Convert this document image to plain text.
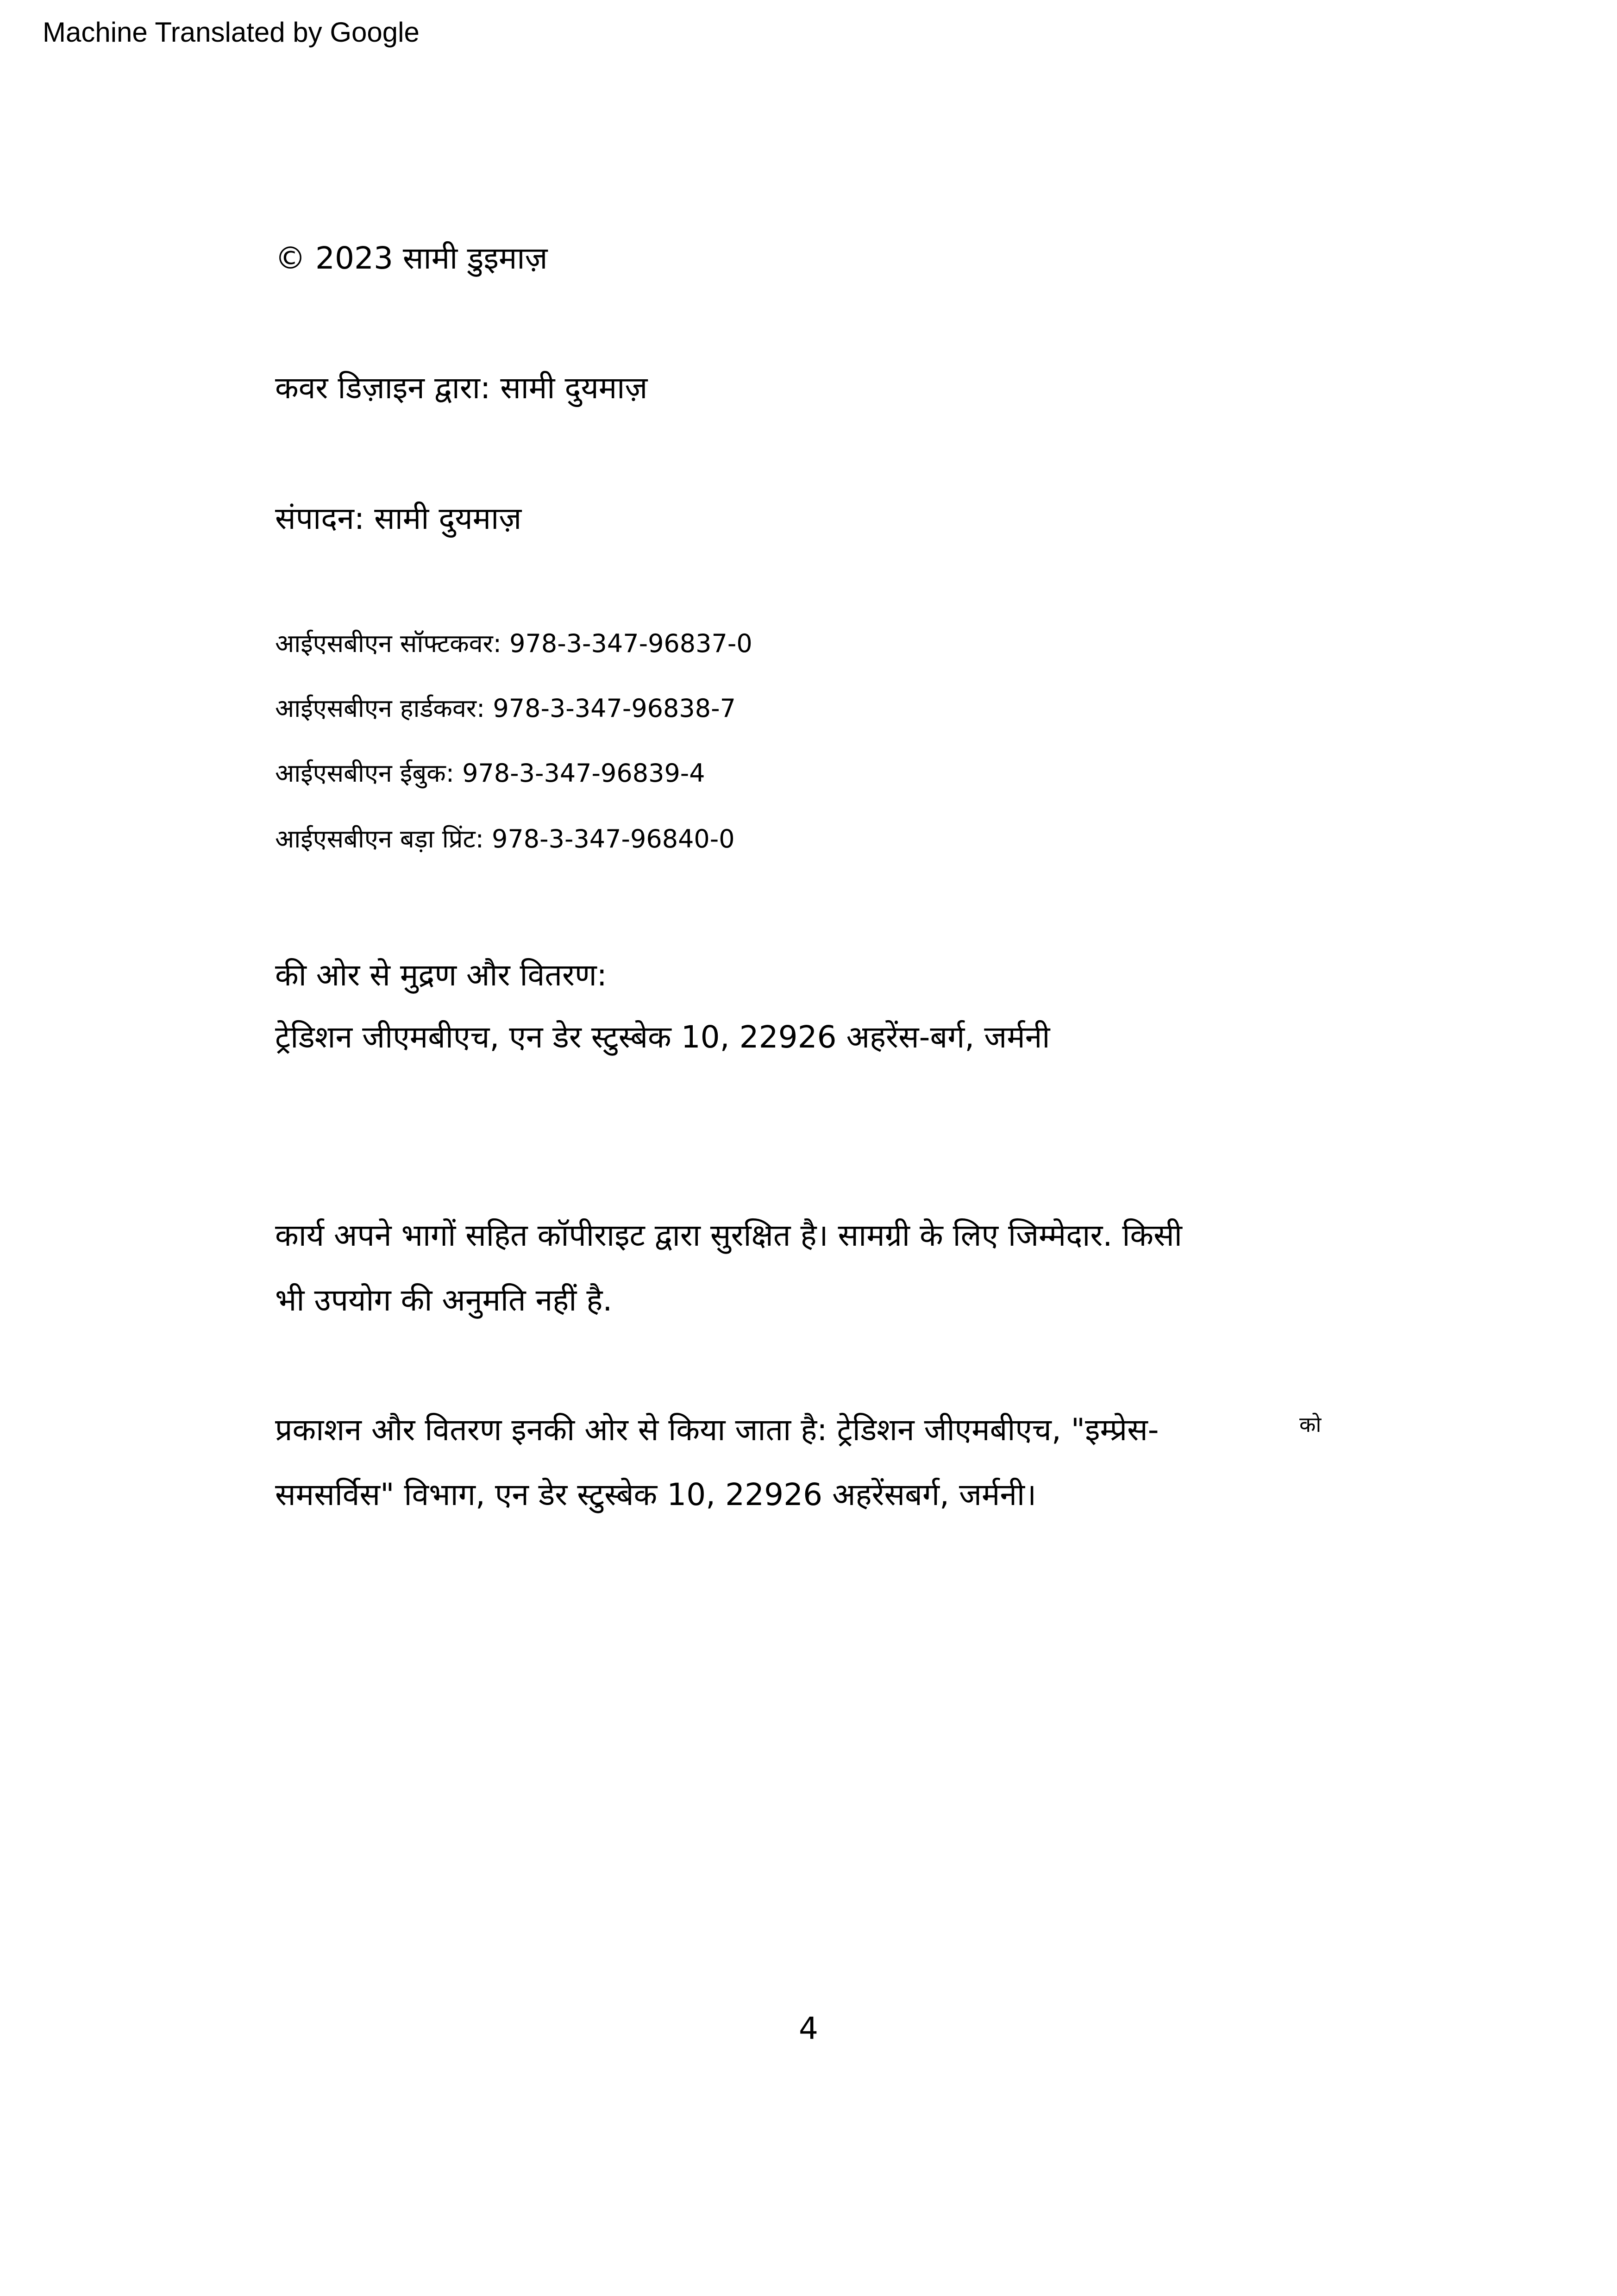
Machine Translated by Google
© 2023 सामी डुइमाज़
कवर डिज़ाइन द्वारा: सामी दुयमाज़
संपादन: सामी दुयमाज़
आईएसबीएन सॉफ्टकवर: 978-3-347-96837-0
आईएसबीएन हार्डकवर: 978-3-347-96838-7
आईएसबीएन ईबुक: 978-3-347-96839-4
आईएसबीएन बड़ा प्रिंट: 978-3-347-96840-0
की ओर से मुद्रण और वितरण:
ट्रेडिशन जीएमबीएच, एन डेर स्टुस्बेक 10, 22926 अहरेंस-बर्ग, जर्मनी
कार्य अपने भागों सहित कॉपीराइट द्वारा सुरक्षित है। सामग्री के लिए जिम्मेदार. किसी
भी उपयोग की अनुमति नहीं है.
प्रकाशन और वितरण इनकी ओर से किया जाता है: ट्रेडिशन जीएमबीएच, "इम्प्रेस-	को
समसर्विस" विभाग, एन डेर स्टुस्बेक 10, 22926 अहरेंसबर्ग, जर्मनी।
4
